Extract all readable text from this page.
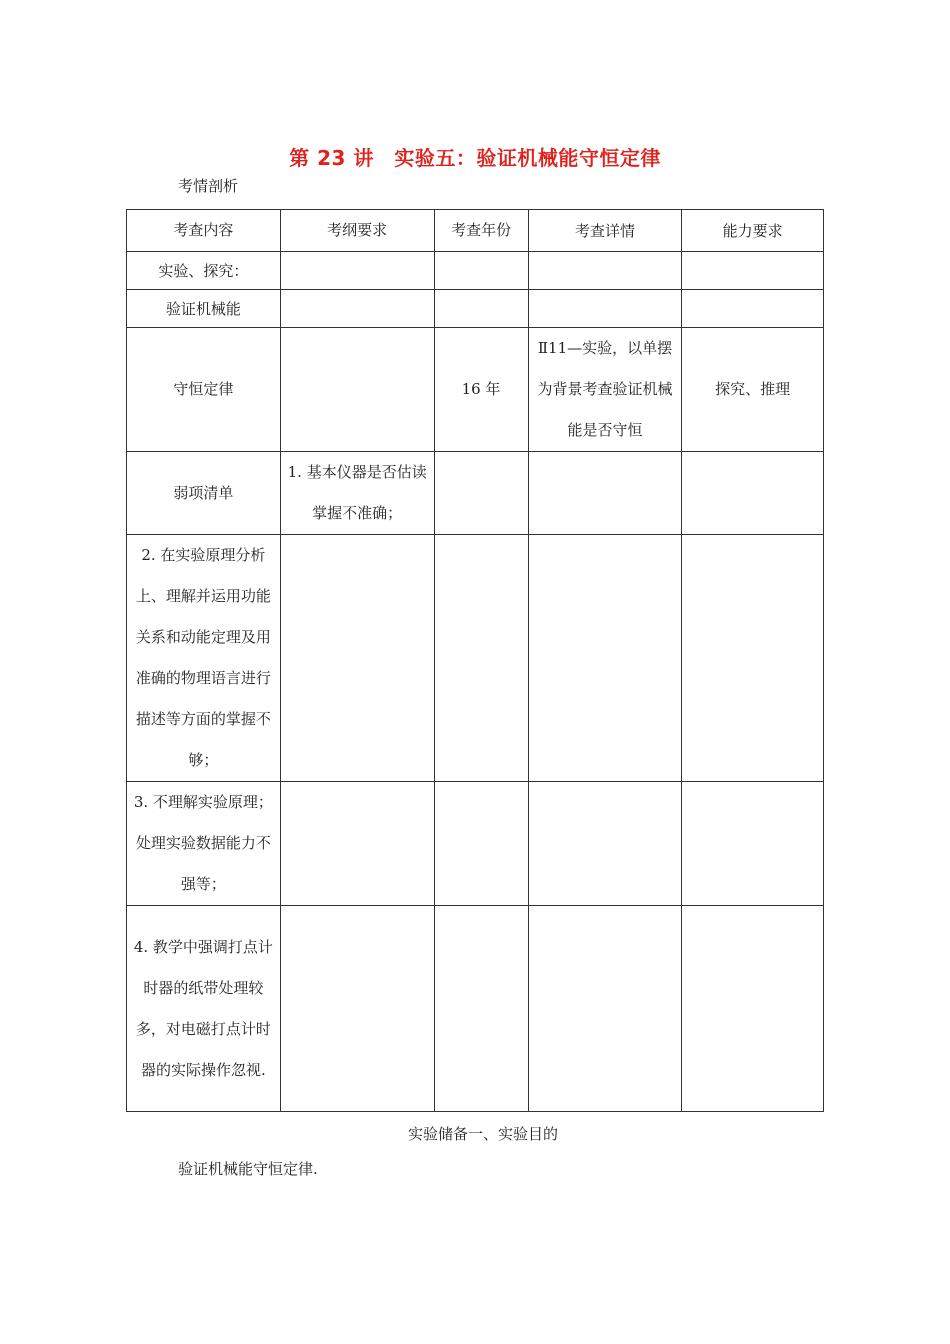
第 23 讲　实验五：验证机械能守恒定律
考情剖析
考查内容	考纲要求	考查年份	考查详情	能力要求
实验、探究：				
验证机械能				
守恒定律		16 年	Ⅱ11—实验，以单摆为背景考查验证机械能是否守恒	探究、推理
弱项清单	1. 基本仪器是否估读掌握不准确；			
2. 在实验原理分析上、理解并运用功能关系和动能定理及用准确的物理语言进行描述等方面的掌握不够；				
3. 不理解实验原理；处理实验数据能力不强等；				
4. 教学中强调打点计时器的纸带处理较多，对电磁打点计时器的实际操作忽视.				
实验储备一、实验目的
验证机械能守恒定律.
